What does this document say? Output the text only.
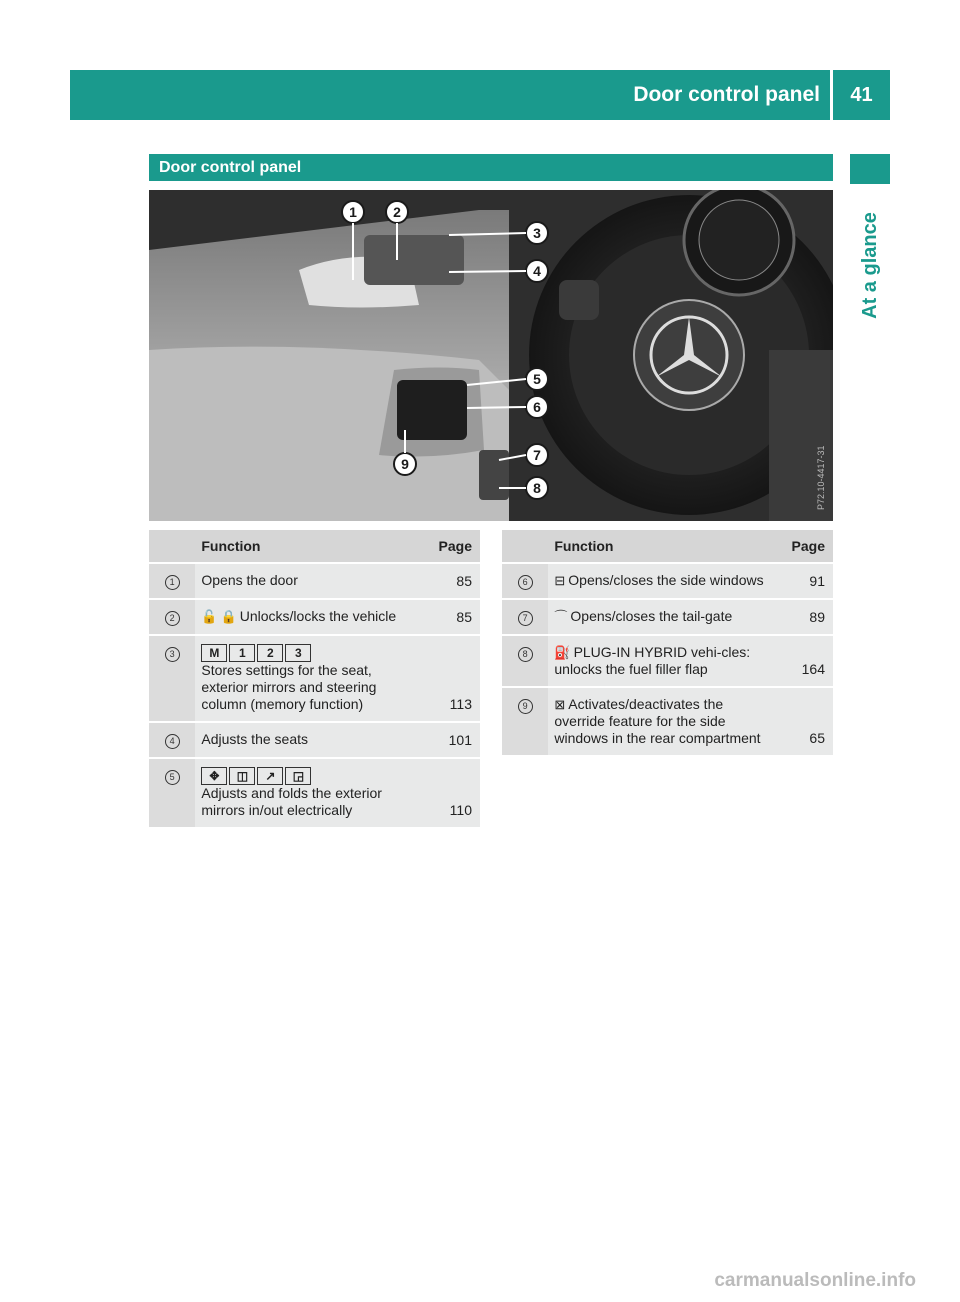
Door control panel	41
At a glance
Door control panel
1	2
3
4
5
6
7
8
9	P72.10-4417-31
	Function	Page
1	Opens the door	85
2	🔓 🔒 Unlocks/locks the vehicle	85
3	M 1 2 3
Stores settings for the seat, exterior mirrors and steering column (memory function)	113
4	Adjusts the seats	101
5	✥ ◫ ↗ ◲
Adjusts and folds the exterior mirrors in/out electrically	110
	Function	Page
6	⊟ Opens/closes the side windows	91
7	⌒ Opens/closes the tail-gate	89
8	⛽ PLUG-IN HYBRID vehi-cles: unlocks the fuel filler flap	164
9	⊠ Activates/deactivates the override feature for the side windows in the rear compartment	65
carmanualsonline.info
